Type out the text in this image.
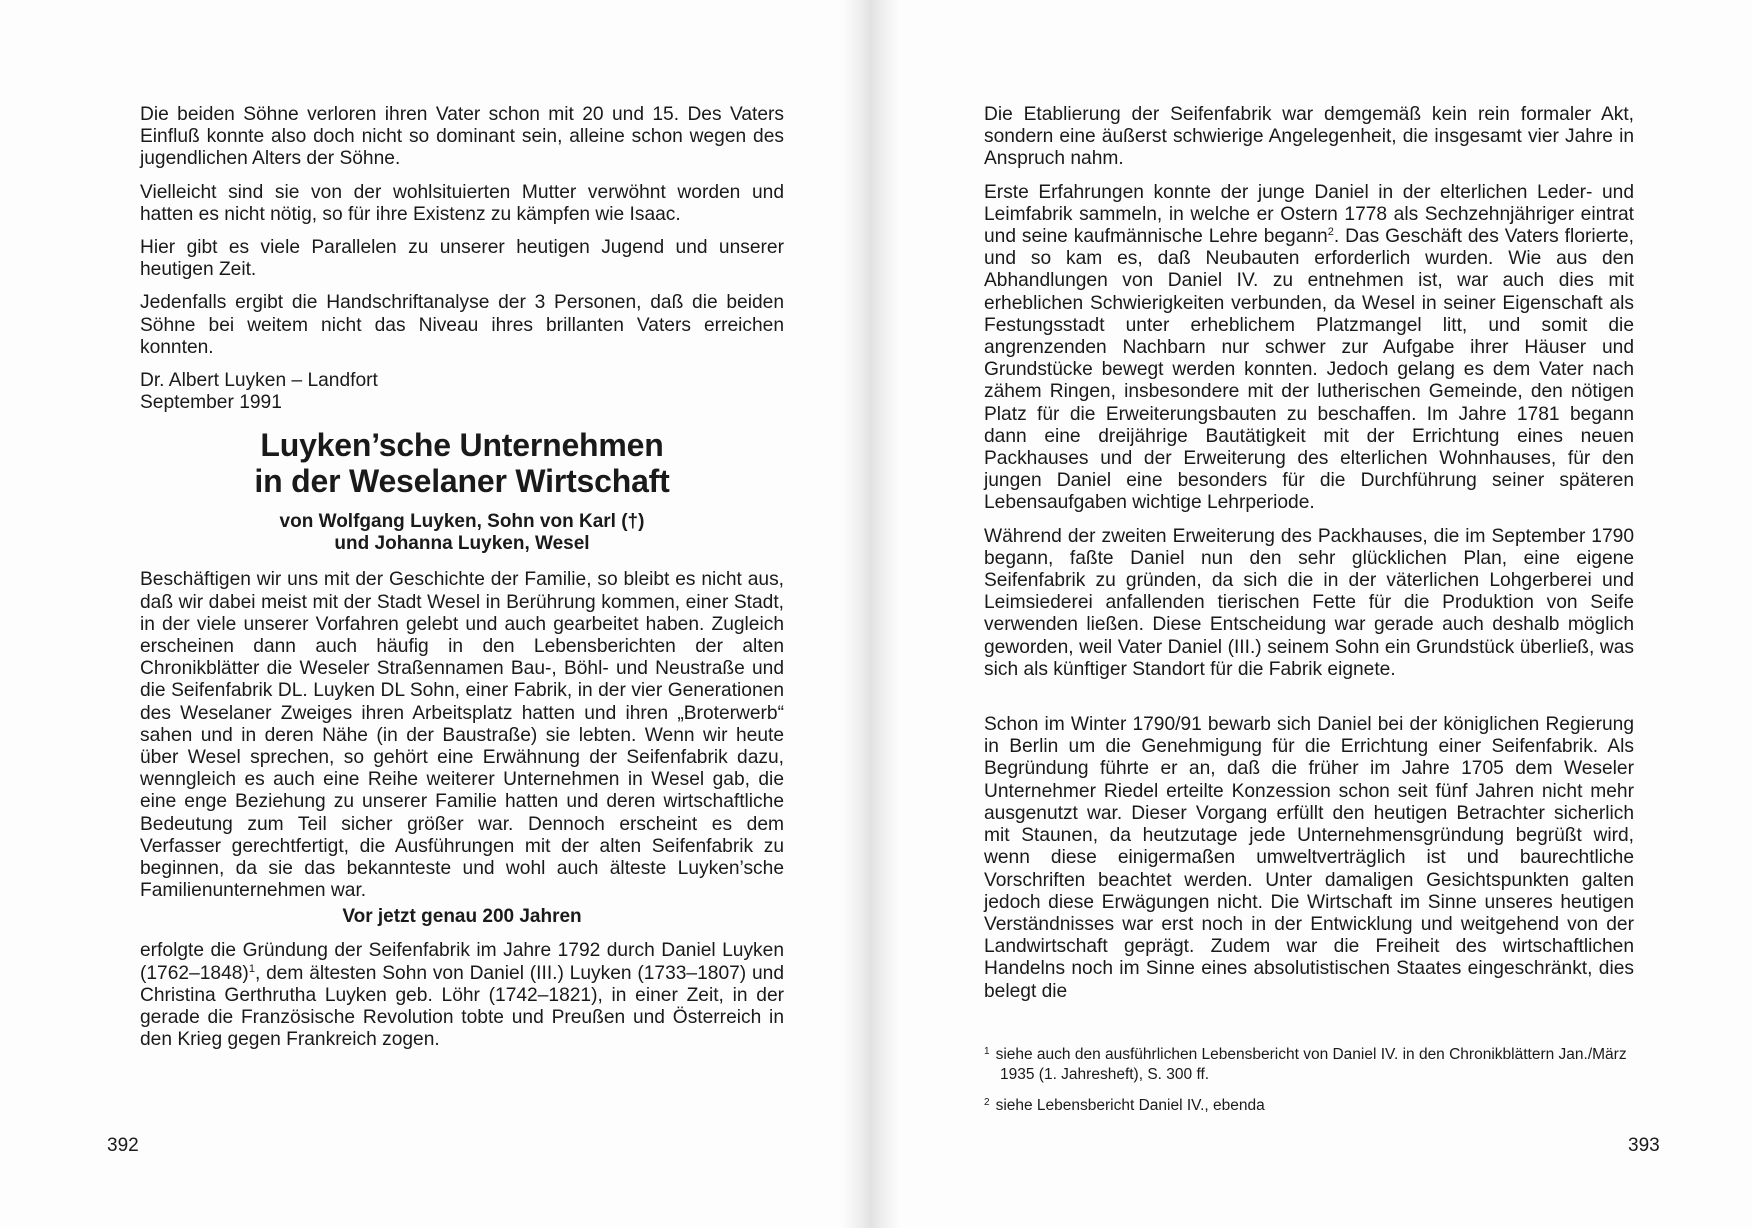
Die beiden Söhne verloren ihren Vater schon mit 20 und 15. Des Vaters Einfluß konnte also doch nicht so dominant sein, alleine schon wegen des jugendlichen Alters der Söhne.

Vielleicht sind sie von der wohlsituierten Mutter verwöhnt worden und hatten es nicht nötig, so für ihre Existenz zu kämpfen wie Isaac.

Hier gibt es viele Parallelen zu unserer heutigen Jugend und unserer heutigen Zeit.

Jedenfalls ergibt die Handschriftanalyse der 3 Personen, daß die beiden Söhne bei weitem nicht das Niveau ihres brillanten Vaters erreichen konnten.

Dr. Albert Luyken – Landfort

September 1991

Luyken’sche Unternehmen
in der Weselaner Wirtschaft
von Wolfgang Luyken, Sohn von Karl (†)
und Johanna Luyken, Wesel

Beschäftigen wir uns mit der Geschichte der Familie, so bleibt es nicht aus, daß wir dabei meist mit der Stadt Wesel in Berührung kommen, einer Stadt, in der viele unserer Vorfahren gelebt und auch gearbeitet haben. Zugleich erscheinen dann auch häufig in den Lebensberichten der alten Chronikblätter die Weseler Straßennamen Bau-, Böhl- und Neustraße und die Seifenfabrik DL. Luyken DL Sohn, einer Fabrik, in der vier Generationen des Weselaner Zweiges ihren Arbeitsplatz hatten und ihren „Broterwerb“ sahen und in deren Nähe (in der Baustraße) sie lebten. Wenn wir heute über Wesel sprechen, so gehört eine Erwähnung der Seifenfabrik dazu, wenngleich es auch eine Reihe weiterer Unternehmen in Wesel gab, die eine enge Beziehung zu unserer Familie hatten und deren wirtschaftliche Bedeutung zum Teil sicher größer war. Dennoch erscheint es dem Verfasser gerechtfertigt, die Ausführungen mit der alten Seifenfabrik zu beginnen, da sie das bekannteste und wohl auch älteste Luyken’sche Familienunternehmen war.

Vor jetzt genau 200 Jahren

erfolgte die Gründung der Seifenfabrik im Jahre 1792 durch Daniel Luyken (1762–1848)$^1$, dem ältesten Sohn von Daniel (III.) Luyken (1733–1807) und Christina Gerthrutha Luyken geb. Löhr (1742–1821), in einer Zeit, in der gerade die Französische Revolution tobte und Preußen und Österreich in den Krieg gegen Frankreich zogen.

392

Die Etablierung der Seifenfabrik war demgemäß kein rein formaler Akt, sondern eine äußerst schwierige Angelegenheit, die insgesamt vier Jahre in Anspruch nahm.

Erste Erfahrungen konnte der junge Daniel in der elterlichen Leder- und Leimfabrik sammeln, in welche er Ostern 1778 als Sechzehnjähriger eintrat und seine kaufmännische Lehre begann$^2$. Das Geschäft des Vaters florierte, und so kam es, daß Neubauten erforderlich wurden. Wie aus den Abhandlungen von Daniel IV. zu entnehmen ist, war auch dies mit erheblichen Schwierigkeiten verbunden, da Wesel in seiner Eigenschaft als Festungsstadt unter erheblichem Platzmangel litt, und somit die angrenzenden Nachbarn nur schwer zur Aufgabe ihrer Häuser und Grundstücke bewegt werden konnten. Jedoch gelang es dem Vater nach zähem Ringen, insbesondere mit der lutherischen Gemeinde, den nötigen Platz für die Erweiterungsbauten zu beschaffen. Im Jahre 1781 begann dann eine dreijährige Bautätigkeit mit der Errichtung eines neuen Packhauses und der Erweiterung des elterlichen Wohnhauses, für den jungen Daniel eine besonders für die Durchführung seiner späteren Lebensaufgaben wichtige Lehrperiode.

Während der zweiten Erweiterung des Packhauses, die im September 1790 begann, faßte Daniel nun den sehr glücklichen Plan, eine eigene Seifenfabrik zu gründen, da sich die in der väterlichen Lohgerberei und Leimsiederei anfallenden tierischen Fette für die Produktion von Seife verwenden ließen. Diese Entscheidung war gerade auch deshalb möglich geworden, weil Vater Daniel (III.) seinem Sohn ein Grundstück überließ, was sich als künftiger Standort für die Fabrik eignete.

Schon im Winter 1790/91 bewarb sich Daniel bei der königlichen Regierung in Berlin um die Genehmigung für die Errichtung einer Seifenfabrik. Als Begründung führte er an, daß die früher im Jahre 1705 dem Weseler Unternehmer Riedel erteilte Konzession schon seit fünf Jahren nicht mehr ausgenutzt war. Dieser Vorgang erfüllt den heutigen Betrachter sicherlich mit Staunen, da heutzutage jede Unternehmensgründung begrüßt wird, wenn diese einigermaßen umweltverträglich ist und baurechtliche Vorschriften beachtet werden. Unter damaligen Gesichtspunkten galten jedoch diese Erwägungen nicht. Die Wirtschaft im Sinne unseres heutigen Verständnisses war erst noch in der Entwicklung und weitgehend von der Landwirtschaft geprägt. Zudem war die Freiheit des wirtschaftlichen Handelns noch im Sinne eines absolutistischen Staates eingeschränkt, dies belegt die

$^1$ siehe auch den ausführlichen Lebensbericht von Daniel IV. in den Chronikblättern Jan./März 1935 (1. Jahresheft), S. 300 ff.

$^2$ siehe Lebensbericht Daniel IV., ebenda

393
